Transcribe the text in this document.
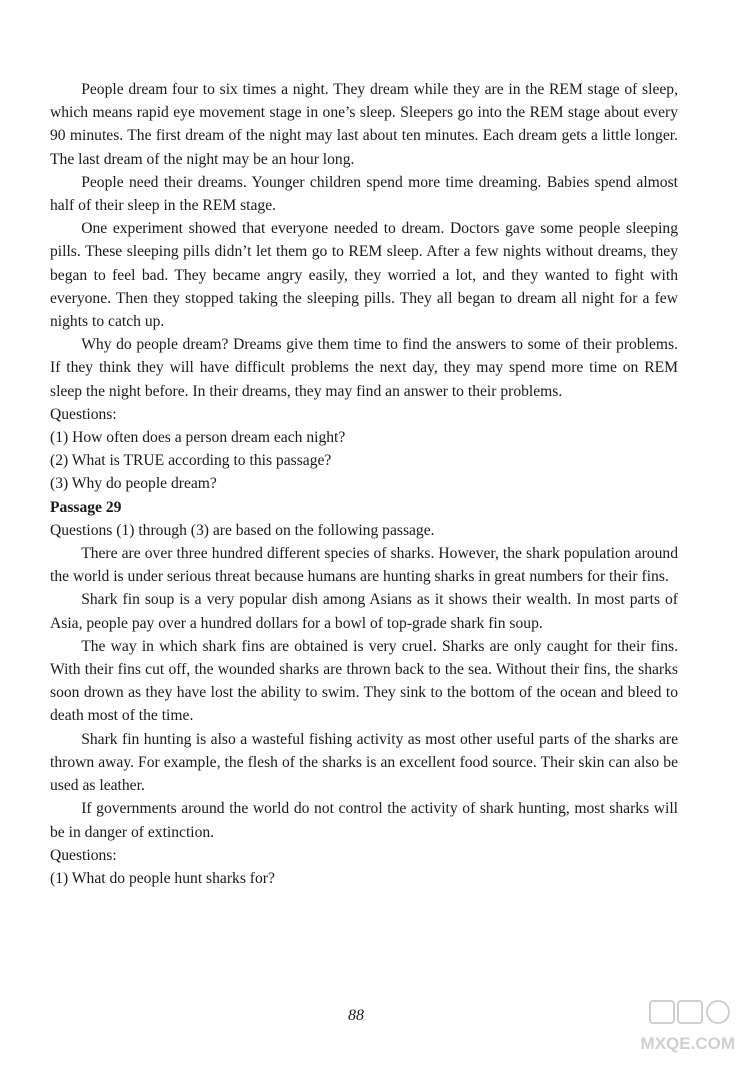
People dream four to six times a night. They dream while they are in the REM stage of sleep, which means rapid eye movement stage in one’s sleep. Sleepers go into the REM stage about every 90 minutes. The first dream of the night may last about ten minutes. Each dream gets a little longer. The last dream of the night may be an hour long.

People need their dreams. Younger children spend more time dreaming. Babies spend almost half of their sleep in the REM stage.

One experiment showed that everyone needed to dream. Doctors gave some people sleeping pills. These sleeping pills didn’t let them go to REM sleep. After a few nights without dreams, they began to feel bad. They became angry easily, they worried a lot, and they wanted to fight with everyone. Then they stopped taking the sleeping pills. They all began to dream all night for a few nights to catch up.

Why do people dream? Dreams give them time to find the answers to some of their problems. If they think they will have difficult problems the next day, they may spend more time on REM sleep the night before. In their dreams, they may find an answer to their problems.

Questions:

(1) How often does a person dream each night?

(2) What is TRUE according to this passage?

(3) Why do people dream?

Passage 29

Questions (1) through (3) are based on the following passage.

There are over three hundred different species of sharks. However, the shark population around the world is under serious threat because humans are hunting sharks in great numbers for their fins.

Shark fin soup is a very popular dish among Asians as it shows their wealth. In most parts of Asia, people pay over a hundred dollars for a bowl of top-grade shark fin soup.

The way in which shark fins are obtained is very cruel. Sharks are only caught for their fins. With their fins cut off, the wounded sharks are thrown back to the sea. Without their fins, the sharks soon drown as they have lost the ability to swim. They sink to the bottom of the ocean and bleed to death most of the time.

Shark fin hunting is also a wasteful fishing activity as most other useful parts of the sharks are thrown away. For example, the flesh of the sharks is an excellent food source. Their skin can also be used as leather.

If governments around the world do not control the activity of shark hunting, most sharks will be in danger of extinction.

Questions:

(1) What do people hunt sharks for?

88
MXQE.COM
